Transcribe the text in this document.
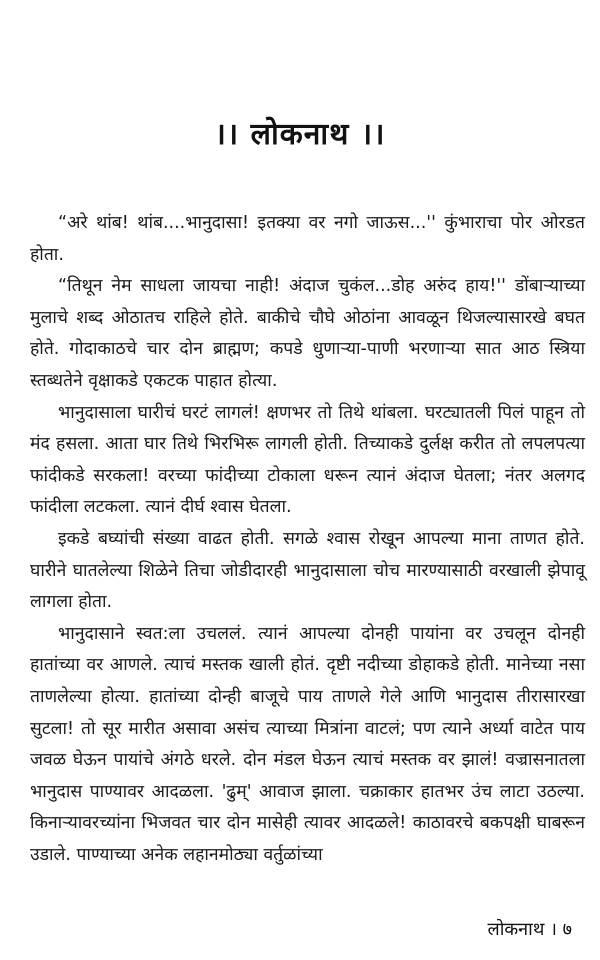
।। लोकनाथ ।।

“अरे थांब! थांब....भानुदासा! इतक्या वर नगो जाऊस...'' कुंभाराचा पोर ओरडत होता.

“तिथून नेम साधला जायचा नाही! अंदाज चुकंल...डोह अरुंद हाय!'' डोंबाऱ्याच्या मुलाचे शब्द ओठातच राहिले होते. बाकीचे चौघे ओठांना आवळून थिजल्यासारखे बघत होते. गोदाकाठचे चार दोन ब्राह्मण; कपडे धुणाऱ्या-पाणी भरणाऱ्या सात आठ स्त्रिया स्तब्धतेने वृक्षाकडे एकटक पाहात होत्या.

भानुदासाला घारीचं घरटं लागलं! क्षणभर तो तिथे थांबला. घरट्यातली पिलं पाहून तो मंद हसला. आता घार तिथे भिरभिरू लागली होती. तिच्याकडे दुर्लक्ष करीत तो लपलपत्या फांदीकडे सरकला! वरच्या फांदीच्या टोकाला धरून त्यानं अंदाज घेतला; नंतर अलगद फांदीला लटकला. त्यानं दीर्घ श्वास घेतला.

इकडे बघ्यांची संख्या वाढत होती. सगळे श्वास रोखून आपल्या माना ताणत होते. घारीने घातलेल्या शिळेने तिचा जोडीदारही भानुदासाला चोच मारण्यासाठी वरखाली झेपावू लागला होता.

भानुदासाने स्वत:ला उचललं. त्यानं आपल्या दोनही पायांना वर उचलून दोनही हातांच्या वर आणले. त्याचं मस्तक खाली होतं. दृष्टी नदीच्या डोहाकडे होती. मानेच्या नसा ताणलेल्या होत्या. हातांच्या दोन्ही बाजूचे पाय ताणले गेले आणि भानुदास तीरासारखा सुटला! तो सूर मारीत असावा असंच त्याच्या मित्रांना वाटलं; पण त्याने अर्ध्या वाटेत पाय जवळ घेऊन पायांचे अंगठे धरले. दोन मंडल घेऊन त्याचं मस्तक वर झालं! वज्रासनातला भानुदास पाण्यावर आदळला. 'ढुम्' आवाज झाला. चक्राकार हातभर उंच लाटा उठल्या. किनाऱ्यावरच्यांना भिजवत चार दोन मासेही त्यावर आदळले! काठावरचे बकपक्षी घाबरून उडाले. पाण्याच्या अनेक लहानमोठ्या वर्तुळांच्या

लोकनाथ । ७
